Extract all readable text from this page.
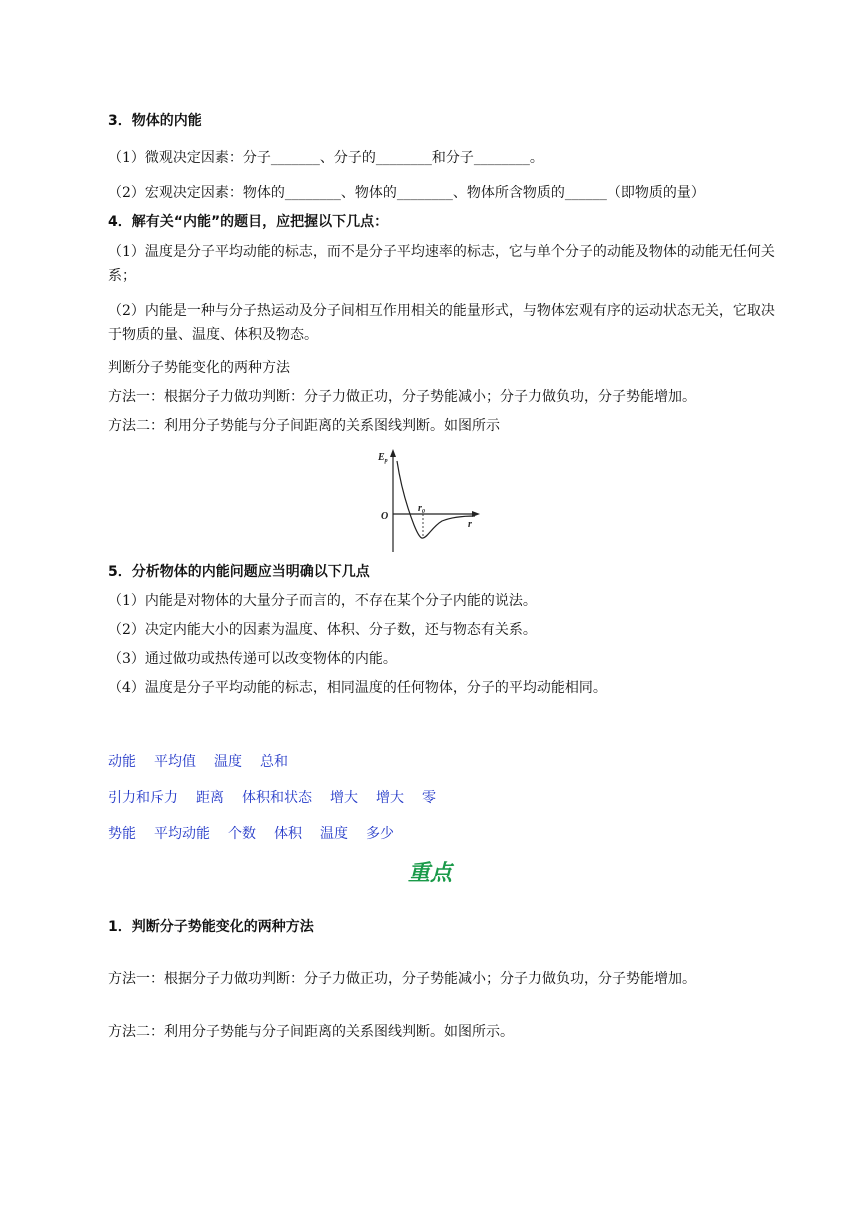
3．物体的内能
（1）微观决定因素：分子_______、分子的________和分子________。
（2）宏观决定因素：物体的________、物体的________、物体所含物质的______（即物质的量）
4．解有关“内能”的题目，应把握以下几点：
（1）温度是分子平均动能的标志，而不是分子平均速率的标志，它与单个分子的动能及物体的动能无任何关系；
（2）内能是一种与分子热运动及分子间相互作用相关的能量形式，与物体宏观有序的运动状态无关，它取决于物质的量、温度、体积及物态。
判断分子势能变化的两种方法
方法一：根据分子力做功判断：分子力做正功，分子势能减小；分子力做负功，分子势能增加。
方法二：利用分子势能与分子间距离的关系图线判断。如图所示
$E_p$
O
$r_0$
r
5．分析物体的内能问题应当明确以下几点
（1）内能是对物体的大量分子而言的，不存在某个分子内能的说法。
（2）决定内能大小的因素为温度、体积、分子数，还与物态有关系。
（3）通过做功或热传递可以改变物体的内能。
（4）温度是分子平均动能的标志，相同温度的任何物体，分子的平均动能相同。
动能 平均值 温度 总和
引力和斥力 距离 体积和状态 增大 增大 零
势能 平均动能 个数 体积 温度 多少
重点
1．判断分子势能变化的两种方法
方法一：根据分子力做功判断：分子力做正功，分子势能减小；分子力做负功，分子势能增加。
方法二：利用分子势能与分子间距离的关系图线判断。如图所示。
